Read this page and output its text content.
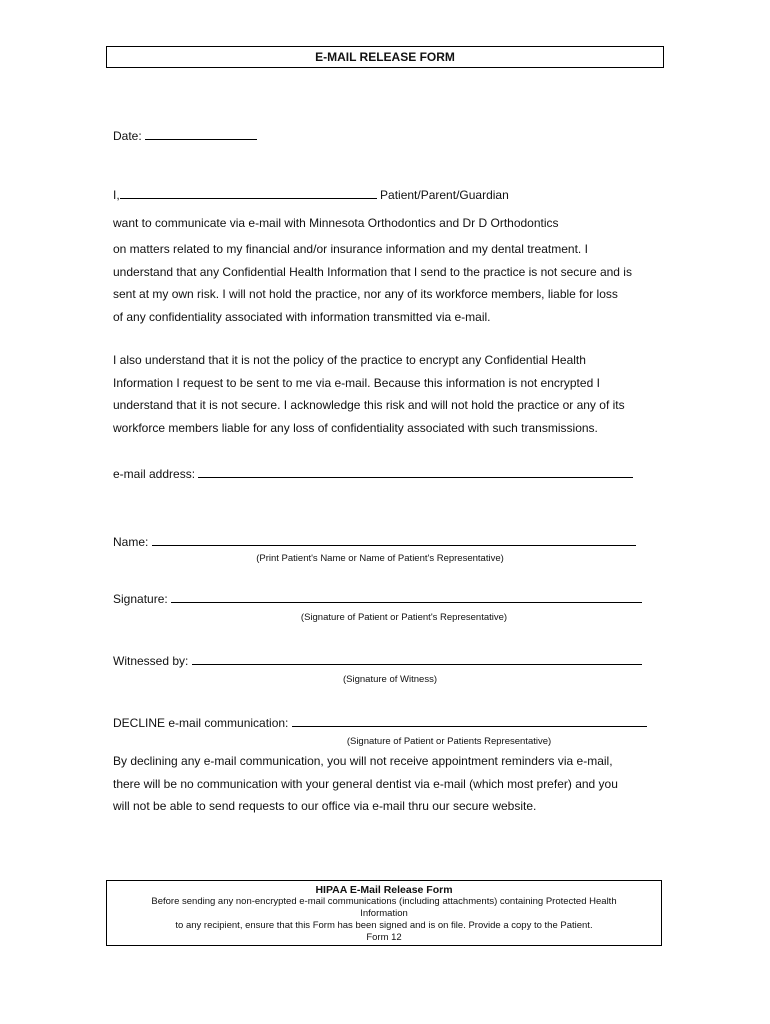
E-MAIL RELEASE FORM
Date:
I,	Patient/Parent/Guardian
want to communicate via e-mail with Minnesota Orthodontics and Dr D Orthodontics

on matters related to my financial and/or insurance information and my dental treatment. I

understand that any Confidential Health Information that I send to the practice is not secure and is

sent at my own risk. I will not hold the practice, nor any of its workforce members, liable for loss

of any confidentiality associated with information transmitted via e-mail.

I also understand that it is not the policy of the practice to encrypt any Confidential Health

Information I request to be sent to me via e-mail. Because this information is not encrypted I

understand that it is not secure. I acknowledge this risk and will not hold the practice or any of its

workforce members liable for any loss of confidentiality associated with such transmissions.

e-mail address:
Name:
(Print Patient's Name or Name of Patient's Representative)
Signature:
(Signature of Patient or Patient's Representative)
Witnessed by:
(Signature of Witness)
DECLINE e-mail communication:
(Signature of Patient or Patients Representative)

By declining any e-mail communication, you will not receive appointment reminders via e-mail,

there will be no communication with your general dentist via e-mail (which most prefer) and you

will not be able to send requests to our office via e-mail thru our secure website.

HIPAA E-Mail Release Form
Before sending any non-encrypted e-mail communications (including attachments) containing Protected Health
Information
to any recipient, ensure that this Form has been signed and is on file. Provide a copy to the Patient.
Form 12
